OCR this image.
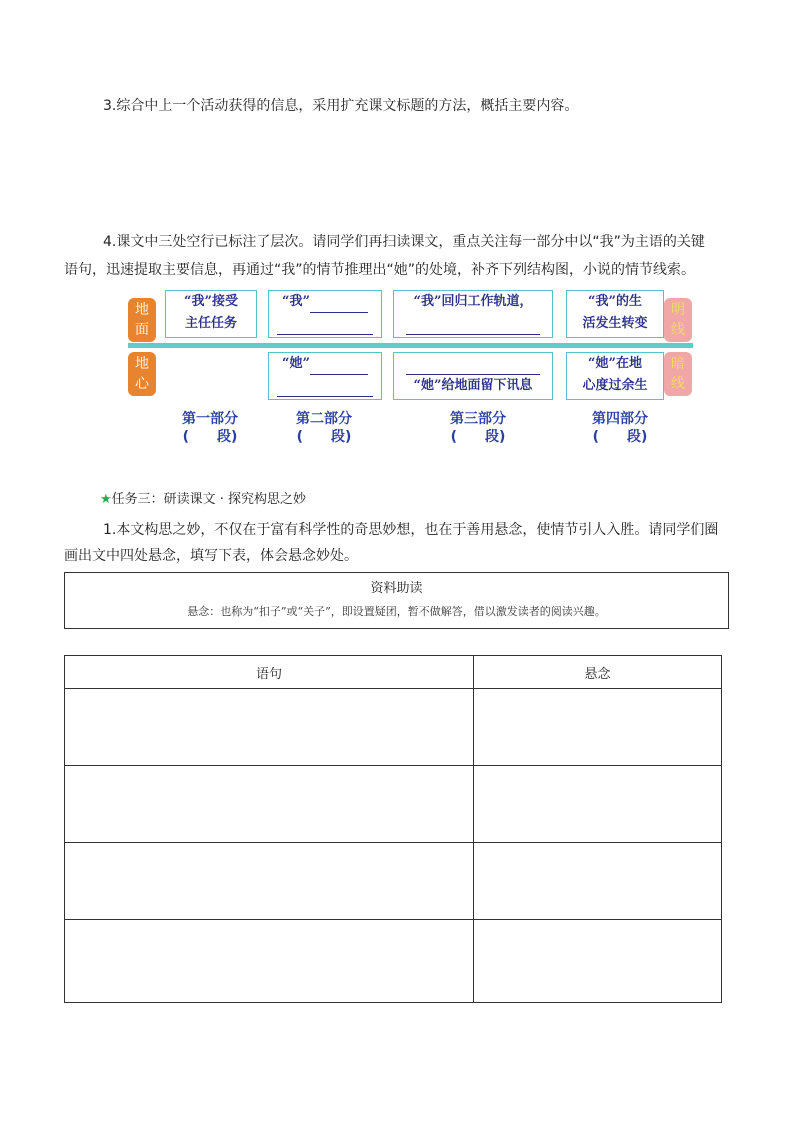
3.综合中上一个活动获得的信息，采用扩充课文标题的方法，概括主要内容。
4.课文中三处空行已标注了层次。请同学们再扫读课文，重点关注每一部分中以“我”为主语的关键
语句，迅速提取主要信息，再通过“我”的情节推理出“她”的处境，补齐下列结构图，小说的情节线索。
地
面
地
心
明
线
暗
线
“我”接受
主任任务
“我”	“我”回归工作轨道，	“我”的生
活发生转变
“她”
“她”给地面留下讯息
“她”在地
心度过余生
第一部分
(　　段)
第二部分
(　　段)
第三部分
(　　段)
第四部分
(　　段)
★任务三：研读课文 · 探究构思之妙
1.本文构思之妙，不仅在于富有科学性的奇思妙想，也在于善用悬念，使情节引人入胜。请同学们圈
画出文中四处悬念，填写下表，体会悬念妙处。
资料助读
悬念：也称为“扣子”或“关子”，即设置疑团，暂不做解答，借以激发读者的阅读兴趣。
语句	悬念
